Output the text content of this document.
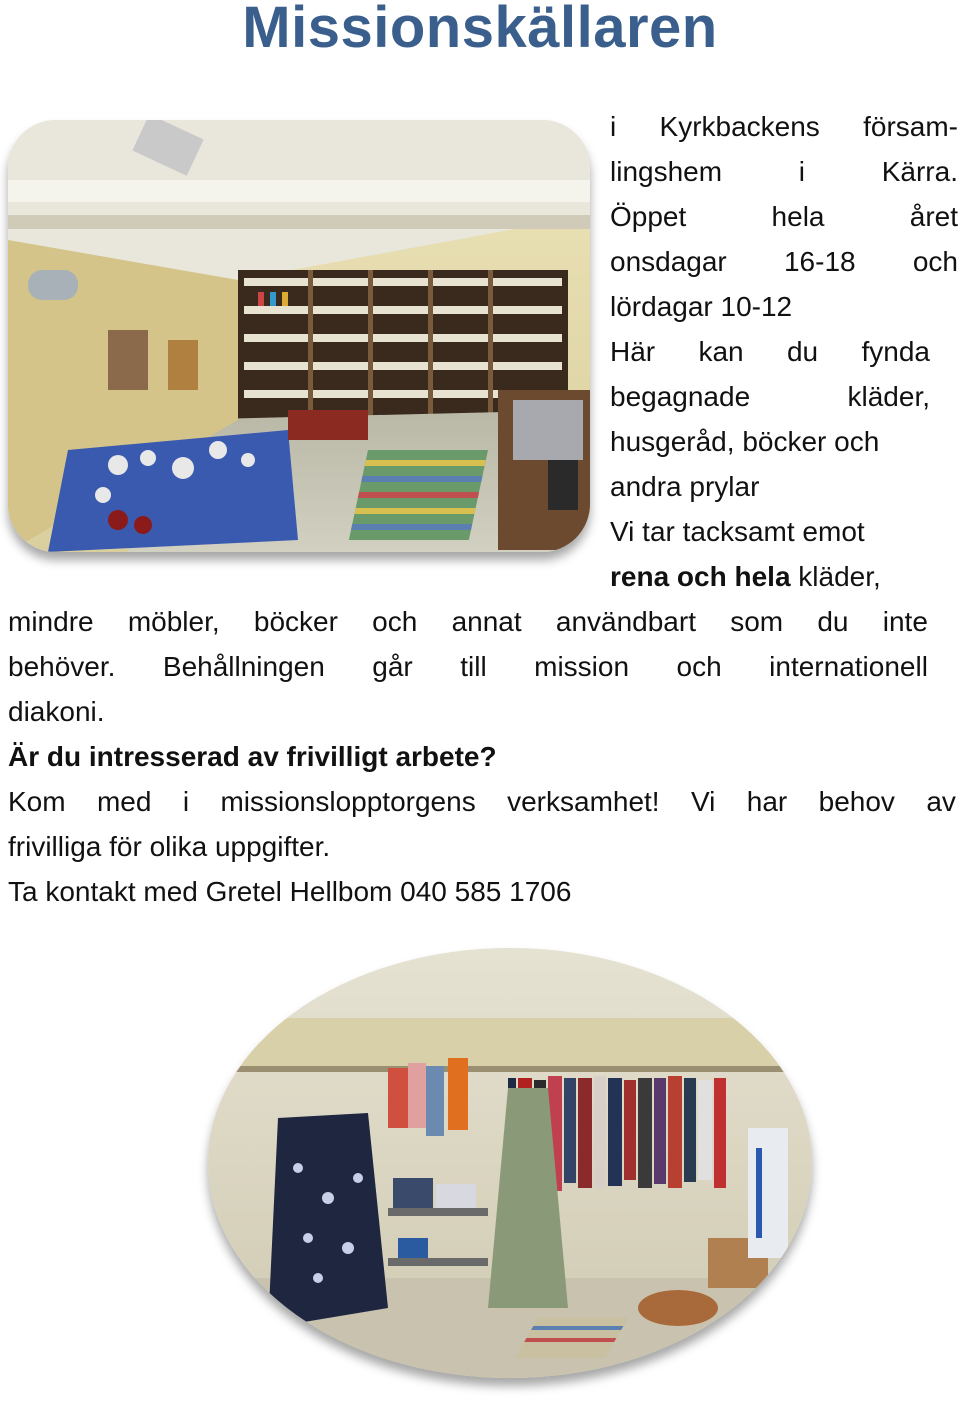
Missionskällaren
i Kyrkbackens försam-
lingshem	i	Kärra.
Öppet	hela	året
onsdagar 16-18 och
lördagar 10-12
Här kan du fynda
begagnade	kläder,
husgeråd, böcker och
andra prylar
Vi tar tacksamt emot
rena och hela kläder,
mindre möbler, böcker och annat användbart som du inte
behöver. Behållningen går till mission och internationell
diakoni.
Är du intresserad av frivilligt arbete?
Kom med i missionslopptorgens verksamhet! Vi har behov av
frivilliga för olika uppgifter.
Ta kontakt med Gretel Hellbom 040 585 1706
